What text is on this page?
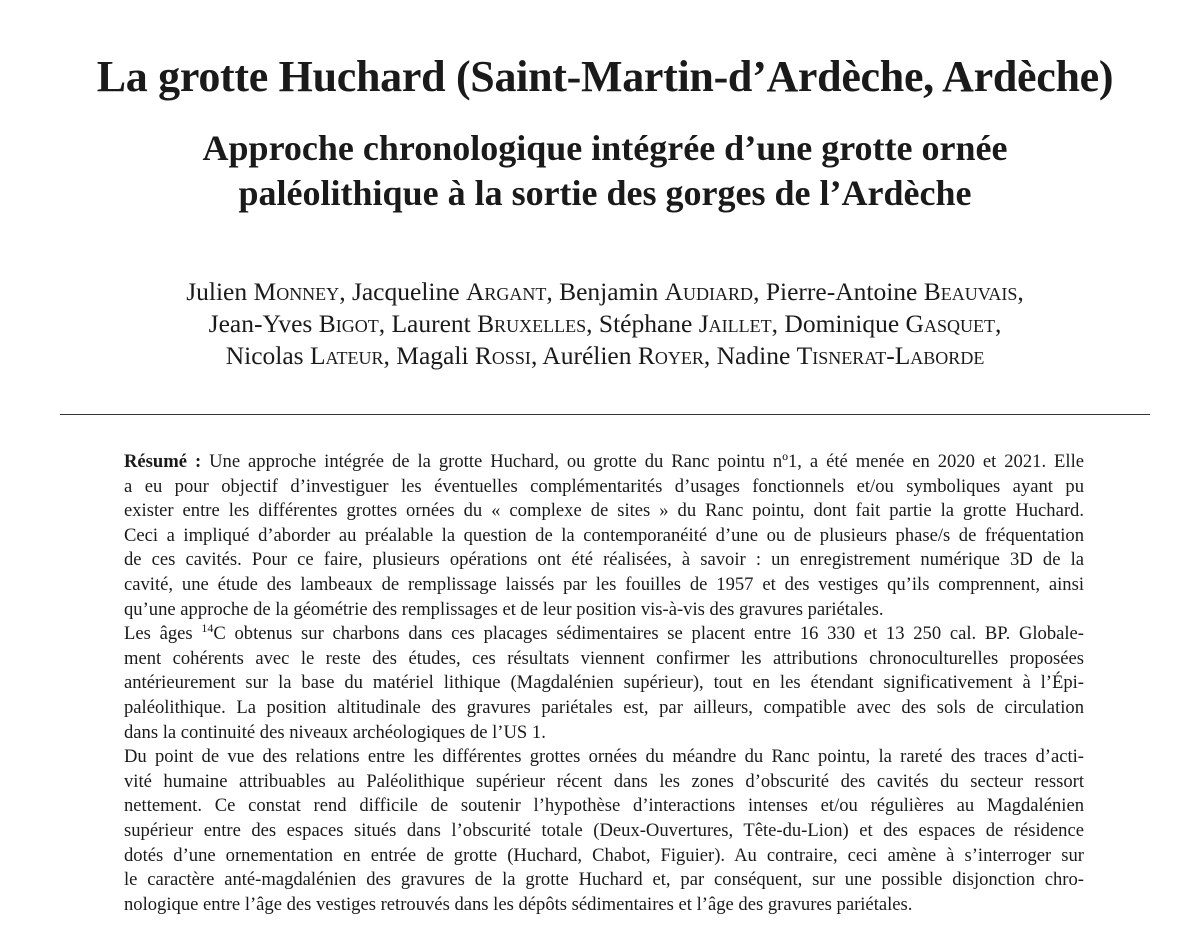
La grotte Huchard (Saint-Martin-d’Ardèche, Ardèche)
Approche chronologique intégrée d’une grotte ornée
paléolithique à la sortie des gorges de l’Ardèche
Julien Monney, Jacqueline Argant, Benjamin Audiard, Pierre-Antoine Beauvais,
Jean-Yves Bigot, Laurent Bruxelles, Stéphane Jaillet, Dominique Gasquet,
Nicolas Lateur, Magali Rossi, Aurélien Royer, Nadine Tisnerat-Laborde
Résumé : Une approche intégrée de la grotte Huchard, ou grotte du Ranc pointu nº1, a été menée en 2020 et 2021. Elle
a eu pour objectif d’investiguer les éventuelles complémentarités d’usages fonctionnels et/ou symboliques ayant pu
exister entre les différentes grottes ornées du « complexe de sites » du Ranc pointu, dont fait partie la grotte Huchard.
Ceci a impliqué d’aborder au préalable la question de la contemporanéité d’une ou de plusieurs phase/s de fréquentation
de ces cavités. Pour ce faire, plusieurs opérations ont été réalisées, à savoir : un enregistrement numérique 3D de la
cavité, une étude des lambeaux de remplissage laissés par les fouilles de 1957 et des vestiges qu’ils comprennent, ainsi
qu’une approche de la géométrie des remplissages et de leur position vis-à-vis des gravures pariétales.
Les âges $^{14}$C obtenus sur charbons dans ces placages sédimentaires se placent entre 16 330 et 13 250 cal. BP. Globale-
ment cohérents avec le reste des études, ces résultats viennent confirmer les attributions chronoculturelles proposées
antérieurement sur la base du matériel lithique (Magdalénien supérieur), tout en les étendant significativement à l’Épi-
paléolithique. La position altitudinale des gravures pariétales est, par ailleurs, compatible avec des sols de circulation
dans la continuité des niveaux archéologiques de l’US 1.
Du point de vue des relations entre les différentes grottes ornées du méandre du Ranc pointu, la rareté des traces d’acti-
vité humaine attribuables au Paléolithique supérieur récent dans les zones d’obscurité des cavités du secteur ressort
nettement. Ce constat rend difficile de soutenir l’hypothèse d’interactions intenses et/ou régulières au Magdalénien
supérieur entre des espaces situés dans l’obscurité totale (Deux-Ouvertures, Tête-du-Lion) et des espaces de résidence
dotés d’une ornementation en entrée de grotte (Huchard, Chabot, Figuier). Au contraire, ceci amène à s’interroger sur
le caractère anté-magdalénien des gravures de la grotte Huchard et, par conséquent, sur une possible disjonction chro-
nologique entre l’âge des vestiges retrouvés dans les dépôts sédimentaires et l’âge des gravures pariétales.
